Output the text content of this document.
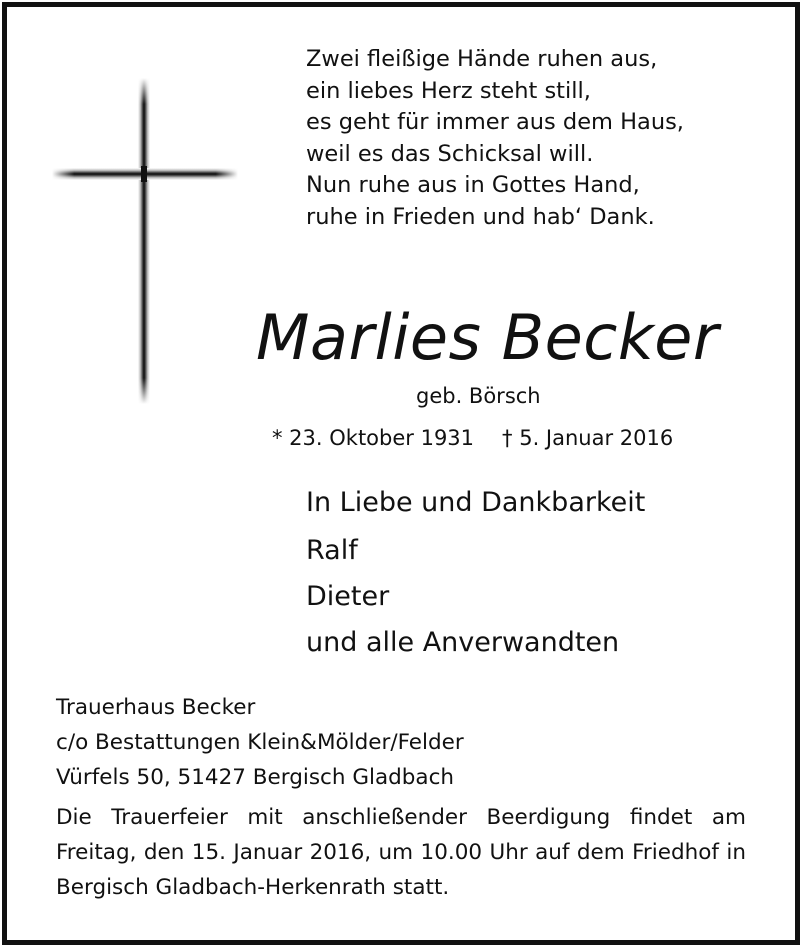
Zwei fleißige Hände ruhen aus,
ein liebes Herz steht still,
es geht für immer aus dem Haus,
weil es das Schicksal will.
Nun ruhe aus in Gottes Hand,
ruhe in Frieden und hab‘ Dank.
Marlies Becker
geb. Börsch
* 23. Oktober 1931 † 5. Januar 2016
In Liebe und Dankbarkeit
Ralf
Dieter
und alle Anverwandten
Trauerhaus Becker
c/o Bestattungen Klein&Mölder/Felder
Vürfels 50, 51427 Bergisch Gladbach

Die Trauerfeier mit anschließender Beerdigung findet am Freitag, den 15. Januar 2016, um 10.00 Uhr auf dem Friedhof in Bergisch Gladbach-Herkenrath statt.
